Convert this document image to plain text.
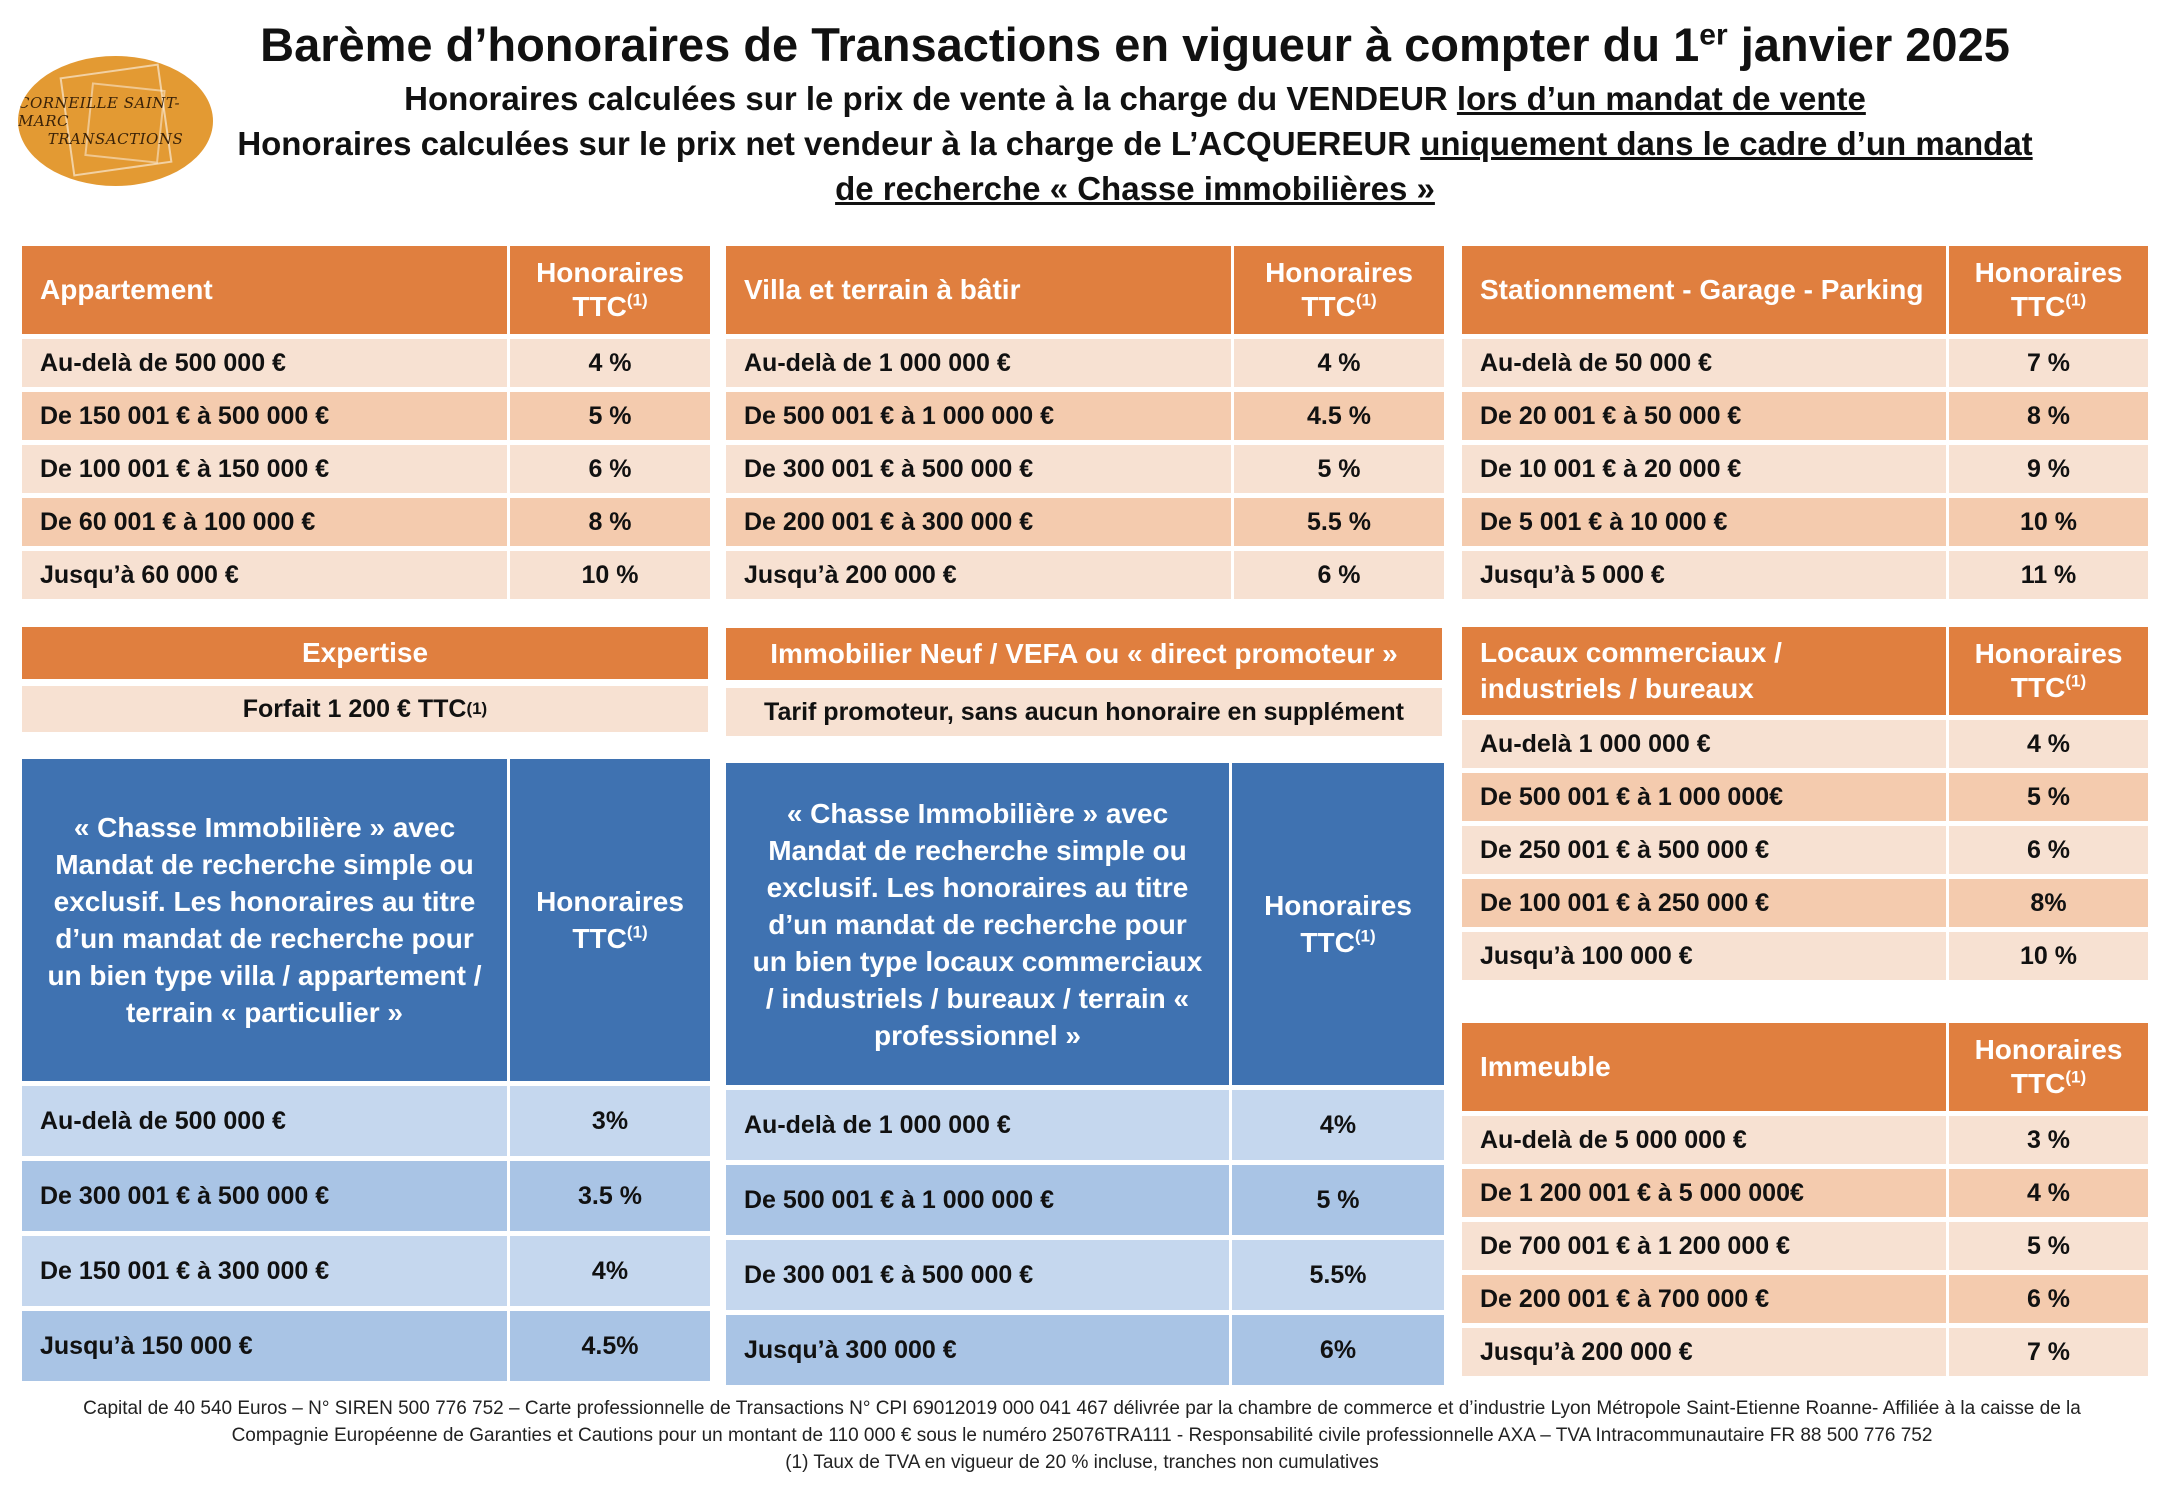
CORNEILLE SAINT-MARC
TRANSACTIONS
Barème d’honoraires de Transactions en vigueur à compter du 1er janvier 2025
Honoraires calculées sur le prix de vente à la charge du VENDEUR lors d’un mandat de vente
Honoraires calculées sur le prix net vendeur à la charge de L’ACQUEREUR uniquement dans le cadre d’un mandat
de recherche « Chasse immobilières »
Appartement	Honoraires TTC$^{(1)}$
Au-delà de 500 000 €	4 %
De 150 001 € à 500 000 €	5 %
De 100 001 € à 150 000 €	6 %
De 60 001 € à 100 000 €	8 %
Jusqu’à 60 000 €	10 %
Villa et terrain à bâtir	Honoraires TTC$^{(1)}$
Au-delà de 1 000 000 €	4 %
De 500 001 € à 1 000 000 €	4.5 %
De 300 001 € à 500 000 €	5 %
De 200 001 € à 300 000 €	5.5 %
Jusqu’à 200 000 €	6 %
Stationnement - Garage - Parking	Honoraires TTC$^{(1)}$
Au-delà de 50 000 €	7 %
De 20 001 € à 50 000 €	8 %
De 10 001 € à 20 000 €	9 %
De 5 001 € à 10 000 €	10 %
Jusqu’à 5 000 €	11 %
Expertise
Forfait 1 200 € TTC (1)
Immobilier Neuf / VEFA ou « direct promoteur »
Tarif promoteur, sans aucun honoraire en supplément
Locaux commerciaux / industriels / bureaux	Honoraires TTC$^{(1)}$
Au-delà 1 000 000 €	4 %
De 500 001 € à 1 000 000€	5 %
De 250 001 € à 500 000 €	6 %
De 100 001 € à 250 000 €	8%
Jusqu’à 100 000 €	10 %
« Chasse Immobilière » avec Mandat de recherche simple ou exclusif. Les honoraires au titre d’un mandat de recherche pour un bien type villa / appartement / terrain « particulier »	Honoraires TTC$^{(1)}$
Au-delà de 500 000 €	3%
De 300 001 € à 500 000 €	3.5 %
De 150 001 € à 300 000 €	4%
Jusqu’à 150 000 €	4.5%
« Chasse Immobilière » avec Mandat de recherche simple ou exclusif. Les honoraires au titre d’un mandat de recherche pour un bien type locaux commerciaux / industriels / bureaux / terrain « professionnel »	Honoraires TTC$^{(1)}$
Au-delà de 1 000 000 €	4%
De 500 001 € à 1 000 000 €	5 %
De 300 001 € à 500 000 €	5.5%
Jusqu’à 300 000 €	6%
Immeuble	Honoraires TTC$^{(1)}$
Au-delà de 5 000 000 €	3 %
De 1 200 001 € à 5 000 000€	4 %
De 700 001 € à 1 200 000 €	5 %
De 200 001 € à 700 000 €	6 %
Jusqu’à 200 000 €	7 %
Capital de 40 540 Euros – N° SIREN 500 776 752 – Carte professionnelle de Transactions N° CPI 69012019 000 041 467 délivrée par la chambre de commerce et d’industrie Lyon Métropole Saint-Etienne Roanne- Affiliée à la caisse de la
Compagnie Européenne de Garanties et Cautions pour un montant de 110 000 € sous le numéro 25076TRA111 - Responsabilité civile professionnelle AXA – TVA Intracommunautaire FR 88 500 776 752
(1) Taux de TVA en vigueur de 20 % incluse, tranches non cumulatives
